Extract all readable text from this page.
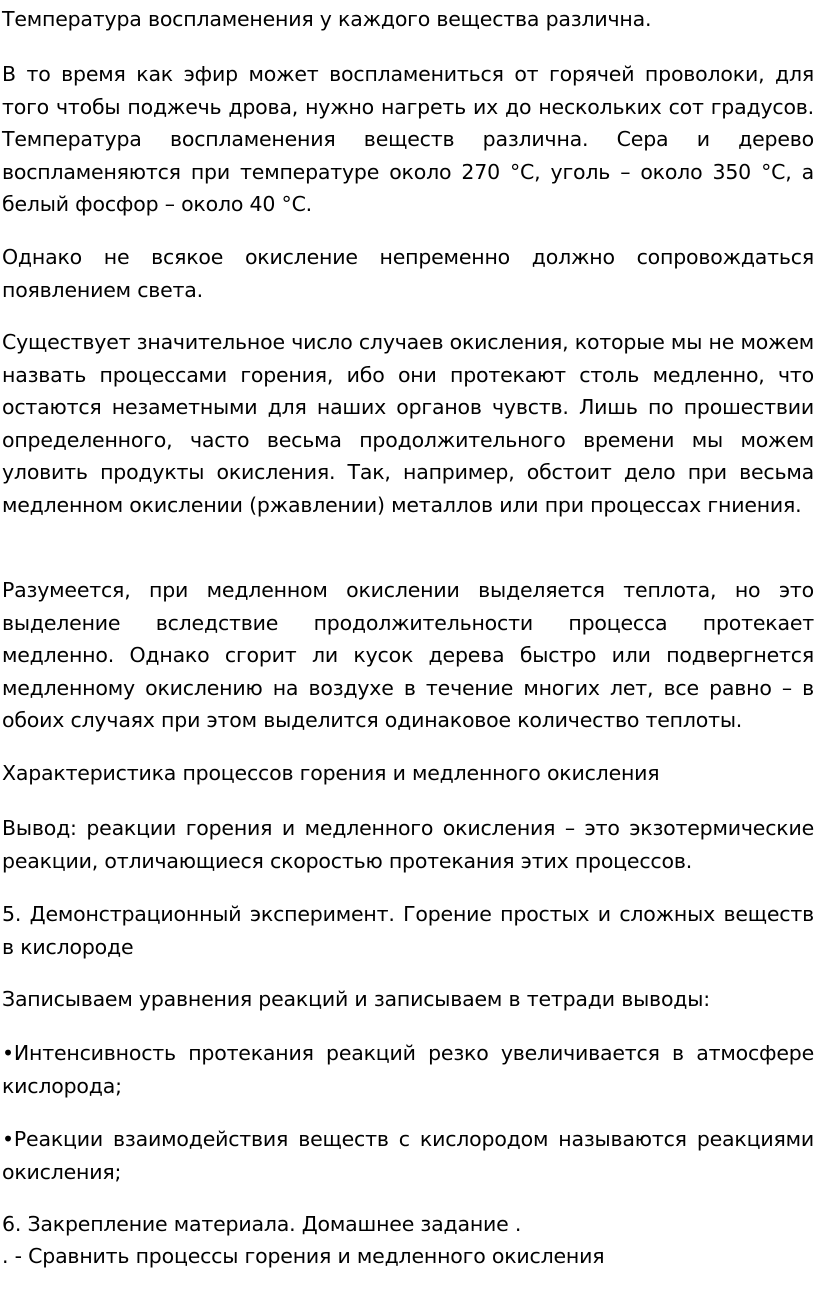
Температура воспламенения у каждого вещества различна.

В то время как эфир может воспламениться от горячей проволоки, для того чтобы поджечь дрова, нужно нагреть их до нескольких сот градусов. Температура воспламенения веществ различна. Сера и дерево воспламеняются при температуре около 270 °С, уголь – около 350 °С, а белый фосфор – около 40 °С.

Однако не всякое окисление непременно должно сопровождаться появлением света.

Существует значительное число случаев окисления, которые мы не можем назвать процессами горения, ибо они протекают столь медленно, что остаются незаметными для наших органов чувств. Лишь по прошествии определенного, часто весьма продолжительного времени мы можем уловить продукты окисления. Так, например, обстоит дело при весьма медленном окислении (ржавлении) металлов или при процессах гниения.

Разумеется, при медленном окислении выделяется теплота, но это выделение вследствие продолжительности процесса протекает медленно. Однако сгорит ли кусок дерева быстро или подвергнется медленному окислению на воздухе в течение многих лет, все равно – в обоих случаях при этом выделится одинаковое количество теплоты.

Характеристика процессов горения и медленного окисления

Вывод: реакции горения и медленного окисления – это экзотермические реакции, отличающиеся скоростью протекания этих процессов.

5. Демонстрационный эксперимент. Горение простых и сложных веществ в кислороде

Записываем уравнения реакций и записываем в тетради выводы:

•Интенсивность протекания реакций резко увеличивается в атмосфере кислорода;

•Реакции взаимодействия веществ с кислородом называются реакциями окисления;

6. Закрепление материала. Домашнее задание .

. - Сравнить процессы горения и медленного окисления
